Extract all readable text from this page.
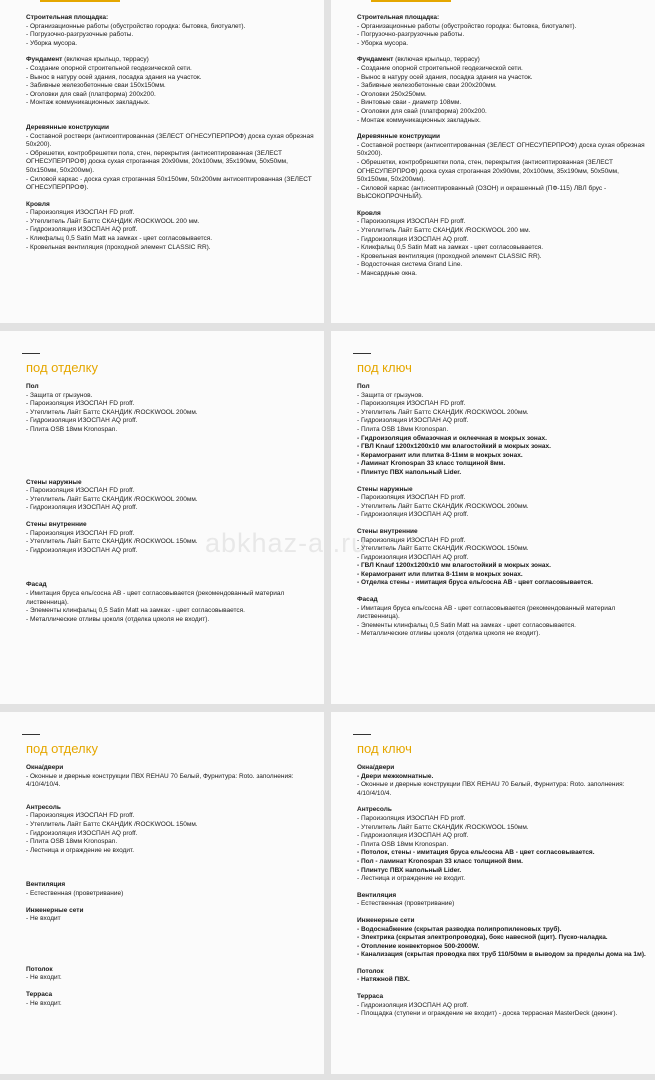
Строительная площадка:
- Организационные работы (обустройство городка: бытовка, биотуалет).
- Погрузочно-разгрузочные работы.
- Уборка мусора.
Фундамент (включая крыльцо, террасу)
- Создание опорной строительной геодезической сети.
- Вынос в натуру осей здания, посадка здания на участок.
- Забивные железобетонные сваи 150x150мм.
- Оголовки для свай (платформа) 200x200.
- Монтаж коммуникационных закладных.
Деревянные конструкции
- Составной ростверк (антисептированная (ЗЕЛЕСТ ОГНЕСУПЕРПРОФ) доска сухая обрезная 50x200).
- Обрешетки, контробрешетки пола, стен, перекрытия (антисептированная (ЗЕЛЕСТ ОГНЕСУПЕРПРОФ) доска сухая строганная 20x90мм, 20x100мм, 35x190мм, 50x50мм, 50x150мм, 50x200мм).
- Силовой каркас - доска сухая строганная 50x150мм, 50x200мм антисептированная (ЗЕЛЕСТ ОГНЕСУПЕРПРОФ).
Кровля
- Пароизоляция ИЗОСПАН FD proff.
- Утеплитель Лайт Баттс СКАНДИК /ROCKWOOL 200 мм.
- Гидроизоляция ИЗОСПАН AQ proff.
- Кликфальц 0,5 Satin Matt на замках - цвет согласовывается.
- Кровельная вентиляция (проходной элемент CLASSIC RR).
Строительная площадка:
- Организационные работы (обустройство городка: бытовка, биотуалет).
- Погрузочно-разгрузочные работы.
- Уборка мусора.
Фундамент (включая крыльцо, террасу)
- Создание опорной строительной геодезической сети.
- Вынос в натуру осей здания, посадка здания на участок.
- Забивные железобетонные сваи 200x200мм.
- Оголовки 250x250мм.
- Винтовые сваи - диаметр 108мм.
- Оголовки для свай (платформа) 200x200.
- Монтаж коммуникационных закладных.
Деревянные конструкции
- Составной ростверк (антисептированная (ЗЕЛЕСТ ОГНЕСУПЕРПРОФ) доска сухая обрезная 50x200).
- Обрешетки, контробрешетки пола, стен, перекрытия (антисептированная (ЗЕЛЕСТ ОГНЕСУПЕРПРОФ) доска сухая строганная 20x90мм, 20x100мм, 35x190мм, 50x50мм, 50x150мм, 50x200мм).
- Силовой каркас (антисептированный (ОЗОН) и окрашенный (ПФ-115) ЛВЛ брус - ВЫСОКОПРОЧНЫЙ).
Кровля
- Пароизоляция ИЗОСПАН FD proff.
- Утеплитель Лайт Баттс СКАНДИК /ROCKWOOL 200 мм.
- Гидроизоляция ИЗОСПАН AQ proff.
- Кликфальц 0,5 Satin Matt на замках - цвет согласовывается.
- Кровельная вентиляция (проходной элемент CLASSIC RR).
- Водосточная система Grand Line.
- Мансардные окна.
под отделку
Пол
- Защита от грызунов.
- Пароизоляция ИЗОСПАН FD proff.
- Утеплитель Лайт Баттс СКАНДИК /ROCKWOOL 200мм.
- Гидроизоляция ИЗОСПАН AQ proff.
- Плита OSB 18мм Kronospan.
Стены наружные
- Пароизоляция ИЗОСПАН FD proff.
- Утеплитель Лайт Баттс СКАНДИК /ROCKWOOL 200мм.
- Гидроизоляция ИЗОСПАН AQ proff.
Стены внутренние
- Пароизоляция ИЗОСПАН FD proff.
- Утеплитель Лайт Баттс СКАНДИК /ROCKWOOL 150мм.
- Гидроизоляция ИЗОСПАН AQ proff.
Фасад
- Имитация бруса ель/сосна АВ - цвет согласовывается (рекомендованный материал лиственница).
- Элементы клинфальц 0,5 Satin Matt на замках - цвет согласовывается.
- Металлические отливы цоколя (отделка цоколя не входит).
под ключ
Пол
- Защита от грызунов.
- Пароизоляция ИЗОСПАН FD proff.
- Утеплитель Лайт Баттс СКАНДИК /ROCKWOOL 200мм.
- Гидроизоляция ИЗОСПАН AQ proff.
- Плита OSB 18мм Kronospan.
- Гидроизоляция обмазочная и оклеечная в мокрых зонах.
- ГВЛ Knauf 1200x1200x10 мм влагостойкий в мокрых зонах.
- Керамогранит или плитка 8-11мм в мокрых зонах.
- Ламинат Kronospan 33 класс толщиной 8мм.
- Плинтус ПВХ напольный Lider.
Стены наружные
- Пароизоляция ИЗОСПАН FD proff.
- Утеплитель Лайт Баттс СКАНДИК /ROCKWOOL 200мм.
- Гидроизоляция ИЗОСПАН AQ proff.
Стены внутренние
- Пароизоляция ИЗОСПАН FD proff.
- Утеплитель Лайт Баттс СКАНДИК /ROCKWOOL 150мм.
- Гидроизоляция ИЗОСПАН AQ proff.
- ГВЛ Knauf 1200x1200x10 мм влагостойкий в мокрых зонах.
- Керамогранит или плитка 8-11мм в мокрых зонах.
- Отделка стены - имитация бруса ель/сосна АВ - цвет согласовывается.
Фасад
- Имитация бруса ель/сосна АВ - цвет согласовывается (рекомендованный материал лиственница).
- Элементы клинфальц 0,5 Satin Matt на замках - цвет согласовывается.
- Металлические отливы цоколя (отделка цоколя не входит).
под отделку
Окна/двери
- Оконные и дверные конструкции ПВХ REHAU 70 Белый, Фурнитура: Roto. заполнения: 4/10/4/10/4.
Антресоль
- Пароизоляция ИЗОСПАН FD proff.
- Утеплитель Лайт Баттс СКАНДИК /ROCKWOOL 150мм.
- Гидроизоляция ИЗОСПАН AQ proff.
- Плита OSB 18мм Kronospan.
- Лестница и ограждение не входит.
Вентиляция
- Естественная (проветривание)
Инженерные сети
- Не входит
Потолок
- Не входит.
Терраса
- Не входит.
под ключ
Окна/двери
- Двери межкомнатные.
- Оконные и дверные конструкции ПВХ REHAU 70 Белый, Фурнитура: Roto. заполнения: 4/10/4/10/4.
Антресоль
- Пароизоляция ИЗОСПАН FD proff.
- Утеплитель Лайт Баттс СКАНДИК /ROCKWOOL 150мм.
- Гидроизоляция ИЗОСПАН AQ proff.
- Плита OSB 18мм Kronospan.
- Потолок, стены - имитация бруса ель/сосна АВ - цвет согласовывается.
- Пол - ламинат Kronospan 33 класс толщиной 8мм.
- Плинтус ПВХ напольный Lider.
- Лестница и ограждение не входит.
Вентиляция
- Естественная (проветривание)
Инженерные сети
- Водоснабжение (скрытая разводка полипропиленовых труб).
- Электрика (скрытая электропроводка), бокс навесной (щит). Пуско-наладка.
- Отопление конвекторное 500-2000W.
- Канализация (скрытая проводка пвх труб 110/50мм в выводом за пределы дома на 1м).
Потолок
- Натяжной ПВХ.
Терраса
- Гидроизоляция ИЗОСПАН AQ proff.
- Площадка (ступени и ограждение не входит) - доска террасная MasterDeck (декинг).
abkhaz-a .ru
